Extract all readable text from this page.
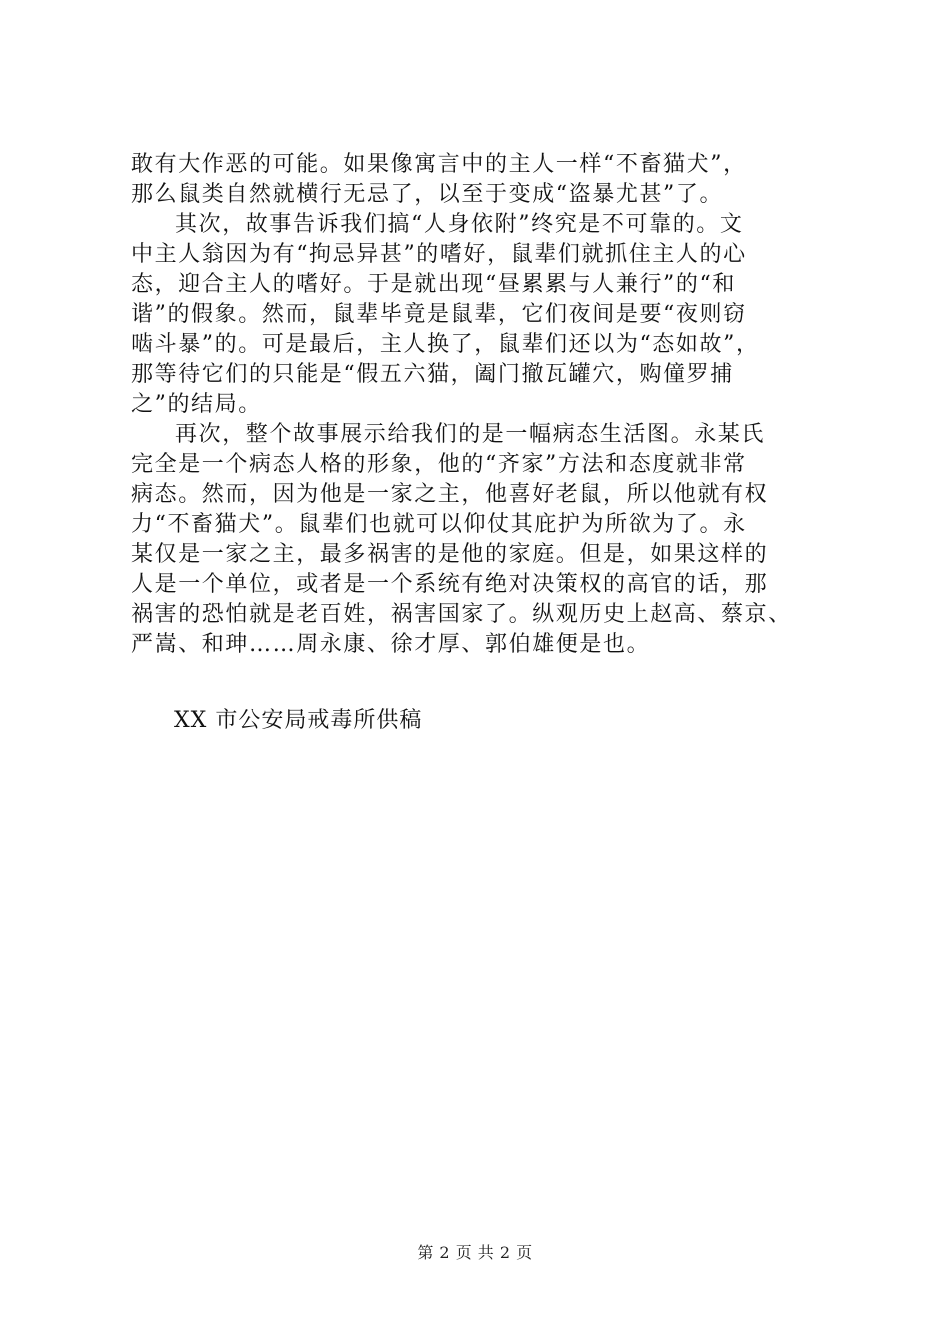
敢有大作恶的可能。如果像寓言中的主人一样“不畜猫犬”，
那么鼠类自然就横行无忌了，以至于变成“盗暴尤甚”了。
其次，故事告诉我们搞“人身依附”终究是不可靠的。文
中主人翁因为有“拘忌异甚”的嗜好，鼠辈们就抓住主人的心
态，迎合主人的嗜好。于是就出现“昼累累与人兼行”的“和
谐”的假象。然而，鼠辈毕竟是鼠辈，它们夜间是要“夜则窃
啮斗暴”的。可是最后，主人换了，鼠辈们还以为“态如故”，
那等待它们的只能是“假五六猫，阖门撤瓦罐穴，购僮罗捕
之”的结局。
再次，整个故事展示给我们的是一幅病态生活图。永某氏
完全是一个病态人格的形象，他的“齐家”方法和态度就非常
病态。然而，因为他是一家之主，他喜好老鼠，所以他就有权
力“不畜猫犬”。鼠辈们也就可以仰仗其庇护为所欲为了。永
某仅是一家之主，最多祸害的是他的家庭。但是，如果这样的
人是一个单位，或者是一个系统有绝对决策权的高官的话，那
祸害的恐怕就是老百姓，祸害国家了。纵观历史上赵高、蔡京、
严嵩、和珅……周永康、徐才厚、郭伯雄便是也。
XX 市公安局戒毒所供稿
第 2 页 共 2 页
